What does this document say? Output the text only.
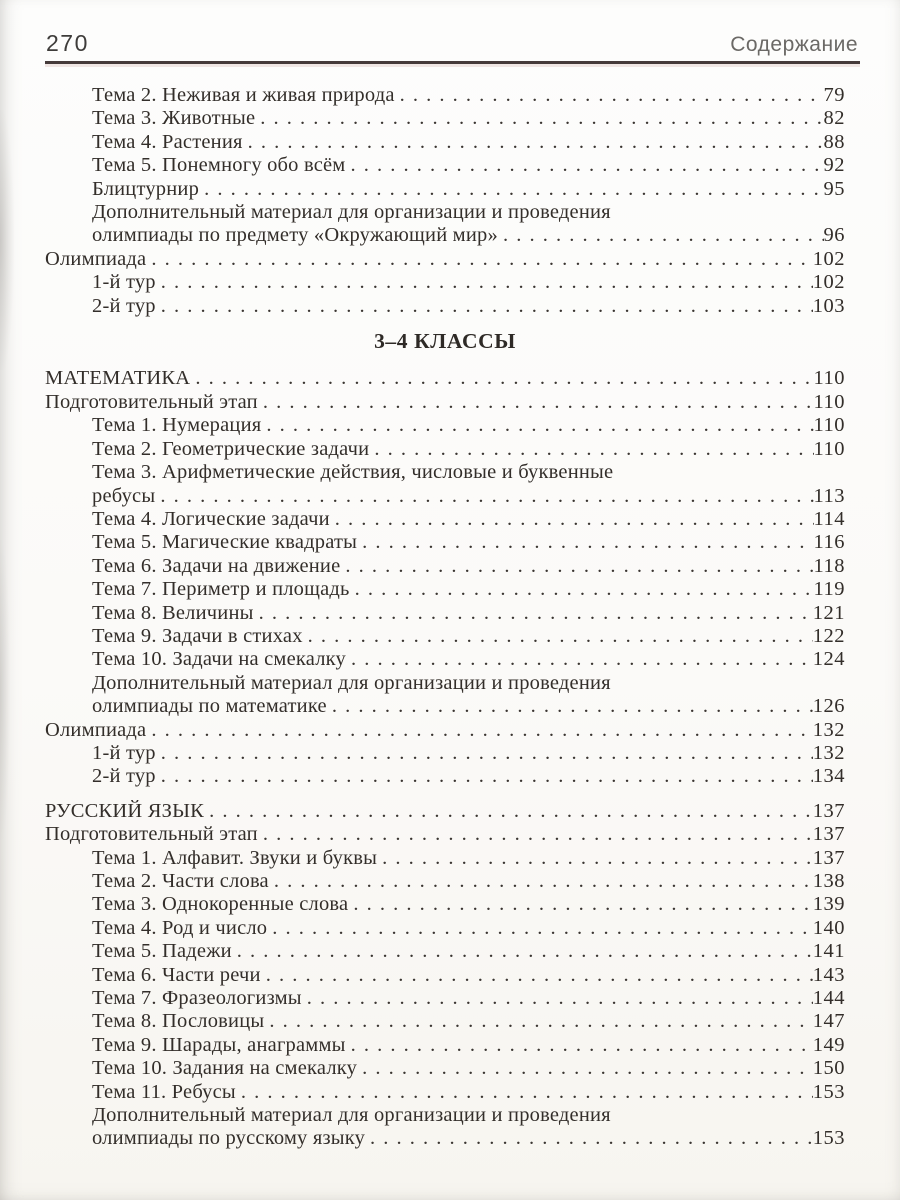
270	Содержание
Тема 2. Неживая и живая природа . . .	79
Тема 3. Животные . . .	82
Тема 4. Растения . . .	88
Тема 5. Понемногу обо всём . . .	92
Блицтурнир . . .	95
Дополнительный материал для организации и проведения
олимпиады по предмету «Окружающий мир» . . .	96
Олимпиада . . .	102
1-й тур . . .	102
2-й тур . . .	103
3–4 КЛАССЫ
МАТЕМАТИКА . . .	110
Подготовительный этап . . .	110
Тема 1. Нумерация . . .	110
Тема 2. Геометрические задачи . . .	110
Тема 3. Арифметические действия, числовые и буквенные
ребусы . . .	113
Тема 4. Логические задачи . . .	114
Тема 5. Магические квадраты . . .	116
Тема 6. Задачи на движение . . .	118
Тема 7. Периметр и площадь . . .	119
Тема 8. Величины . . .	121
Тема 9. Задачи в стихах . . .	122
Тема 10. Задачи на смекалку . . .	124
Дополнительный материал для организации и проведения
олимпиады по математике . . .	126
Олимпиада . . .	132
1-й тур . . .	132
2-й тур . . .	134
РУССКИЙ ЯЗЫК . . .	137
Подготовительный этап . . .	137
Тема 1. Алфавит. Звуки и буквы . . .	137
Тема 2. Части слова . . .	138
Тема 3. Однокоренные слова . . .	139
Тема 4. Род и число . . .	140
Тема 5. Падежи . . .	141
Тема 6. Части речи . . .	143
Тема 7. Фразеологизмы . . .	144
Тема 8. Пословицы . . .	147
Тема 9. Шарады, анаграммы . . .	149
Тема 10. Задания на смекалку . . .	150
Тема 11. Ребусы . . .	153
Дополнительный материал для организации и проведения
олимпиады по русскому языку . . .	153
